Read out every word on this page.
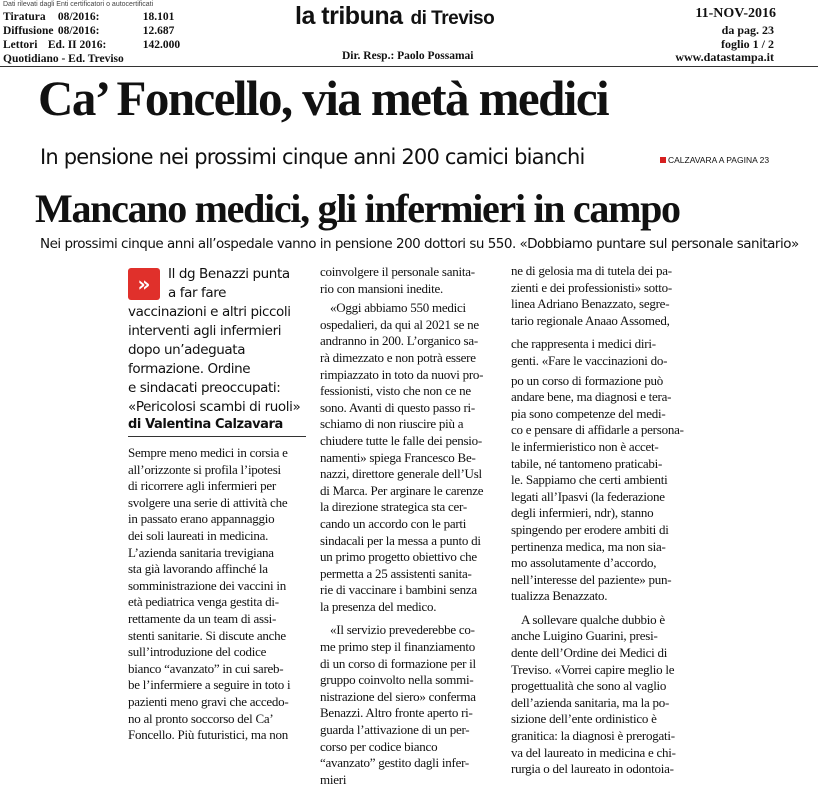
Dati rilevati dagli Enti certificatori o autocertificati
Tiratura 08/2016:	18.101
Diffusione 08/2016:	12.687
Lettori Ed. II 2016:	142.000
Quotidiano - Ed. Treviso
la tribuna di Treviso	11-NOV-2016
da pag. 23
foglio 1 / 2
Dir. Resp.: Paolo Possamai	www.datastampa.it
Ca’ Foncello, via metà medici
In pensione nei prossimi cinque anni 200 camici bianchi	CALZAVARA A PAGINA 23
Mancano medici, gli infermieri in campo
Nei prossimi cinque anni all’ospedale vanno in pensione 200 dottori su 550. «Dobbiamo puntare sul personale sanitario»
»	Il dg Benazzi punta
a far fare
vaccinazioni e altri piccoli
interventi agli infermieri
dopo un’adeguata
formazione. Ordine
e sindacati preoccupati:
«Pericolosi scambi di ruoli»
di Valentina Calzavara
Sempre meno medici in corsia e
all’orizzonte si profila l’ipotesi
di ricorrere agli infermieri per
svolgere una serie di attività che
in passato erano appannaggio
dei soli laureati in medicina.
L’azienda sanitaria trevigiana
sta già lavorando affinché la
somministrazione dei vaccini in
età pediatrica venga gestita di-
rettamente da un team di assi-
stenti sanitarie. Si discute anche
sull’introduzione del codice
bianco “avanzato” in cui sareb-
be l’infermiere a seguire in toto i
pazienti meno gravi che accedo-
no al pronto soccorso del Ca’
Foncello. Più futuristici, ma non
coinvolgere il personale sanita-
rio con mansioni inedite.
«Oggi abbiamo 550 medici
ospedalieri, da qui al 2021 se ne
andranno in 200. L’organico sa-
rà dimezzato e non potrà essere
rimpiazzato in toto da nuovi pro-
fessionisti, visto che non ce ne
sono. Avanti di questo passo ri-
schiamo di non riuscire più a
chiudere tutte le falle dei pensio-
namenti» spiega Francesco Be-
nazzi, direttore generale dell’Usl
di Marca. Per arginare le carenze
la direzione strategica sta cer-
cando un accordo con le parti
sindacali per la messa a punto di
un primo progetto obiettivo che
permetta a 25 assistenti sanita-
rie di vaccinare i bambini senza
la presenza del medico.
«Il servizio prevederebbe co-
me primo step il finanziamento
di un corso di formazione per il
gruppo coinvolto nella sommi-
nistrazione del siero» conferma
Benazzi. Altro fronte aperto ri-
guarda l’attivazione di un per-
corso per codice bianco
“avanzato” gestito dagli infer-
mieri
ne di gelosia ma di tutela dei pa-
zienti e dei professionisti» sotto-
linea Adriano Benazzato, segre-
tario regionale Anaao Assomed,
che rappresenta i medici diri-
genti. «Fare le vaccinazioni do-
po un corso di formazione può
andare bene, ma diagnosi e tera-
pia sono competenze del medi-
co e pensare di affidarle a persona-
le infermieristico non è accet-
tabile, né tantomeno praticabi-
le. Sappiamo che certi ambienti
legati all’Ipasvi (la federazione
degli infermieri, ndr), stanno
spingendo per erodere ambiti di
pertinenza medica, ma non sia-
mo assolutamente d’accordo,
nell’interesse del paziente» pun-
tualizza Benazzato.
A sollevare qualche dubbio è
anche Luigino Guarini, presi-
dente dell’Ordine dei Medici di
Treviso. «Vorrei capire meglio le
progettualità che sono al vaglio
dell’azienda sanitaria, ma la po-
sizione dell’ente ordinistico è
granitica: la diagnosi è prerogati-
va del laureato in medicina e chi-
rurgia o del laureato in odontoia-
